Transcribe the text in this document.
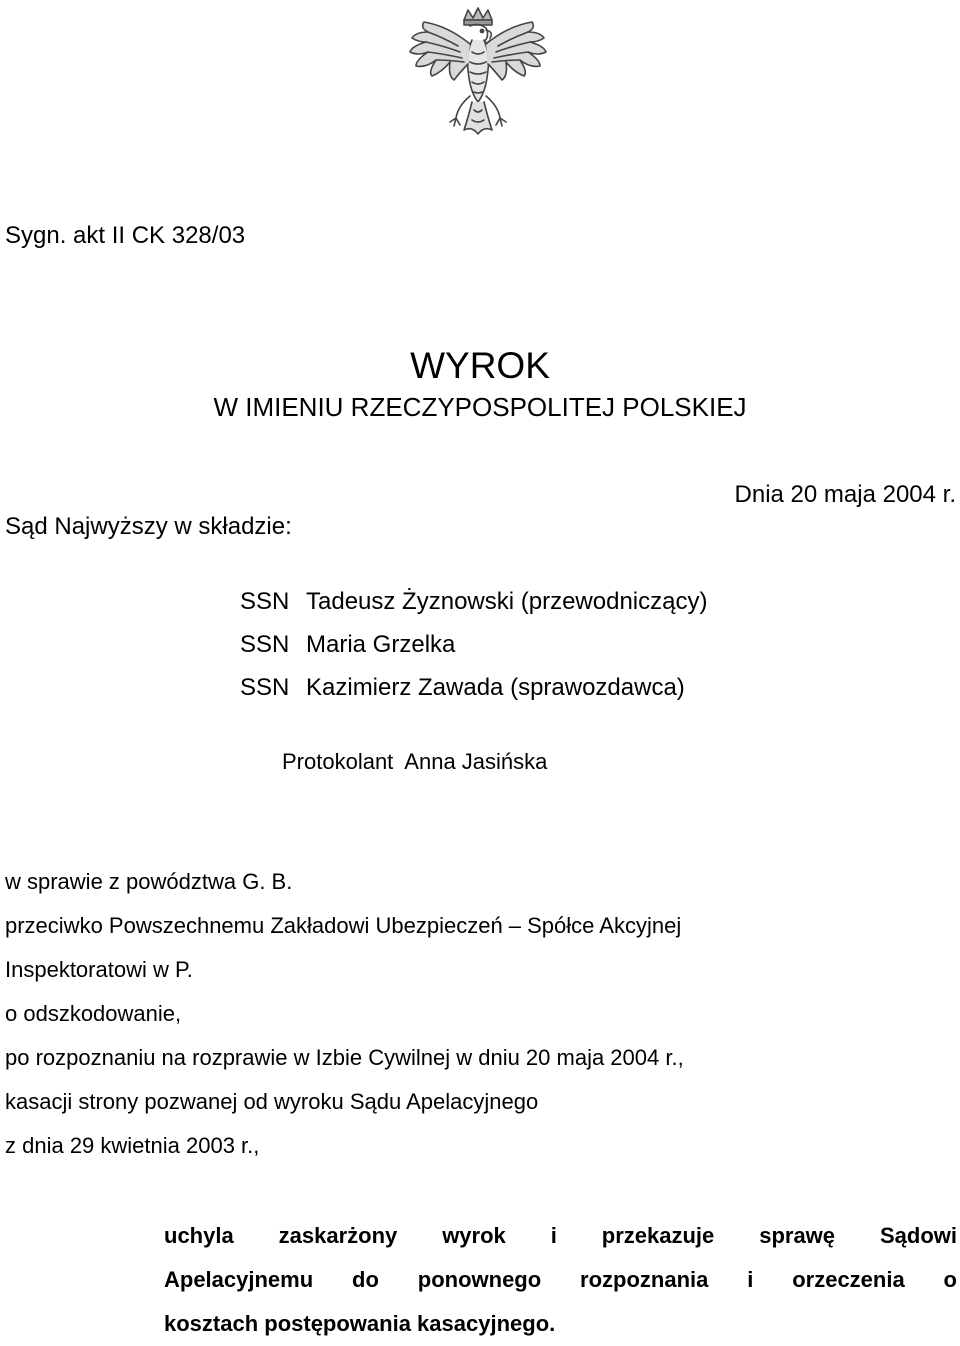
Sygn. akt II CK 328/03
WYROK
W IMIENIU RZECZYPOSPOLITEJ POLSKIEJ
Dnia 20 maja 2004 r.
Sąd Najwyższy w składzie:
SSN Tadeusz Żyznowski (przewodniczący)
SSN Maria Grzelka
SSN Kazimierz Zawada (sprawozdawca)
Protokolant  Anna Jasińska
w sprawie z powództwa G. B.
przeciwko Powszechnemu Zakładowi Ubezpieczeń – Spółce Akcyjnej
Inspektoratowi w P.
o odszkodowanie,
po rozpoznaniu na rozprawie w Izbie Cywilnej w dniu 20 maja 2004 r.,
kasacji strony pozwanej od wyroku Sądu Apelacyjnego
z dnia 29 kwietnia 2003 r.,
uchyla zaskarżony wyrok i przekazuje sprawę Sądowi
Apelacyjnemu do ponownego rozpoznania i orzeczenia o
kosztach postępowania kasacyjnego.
